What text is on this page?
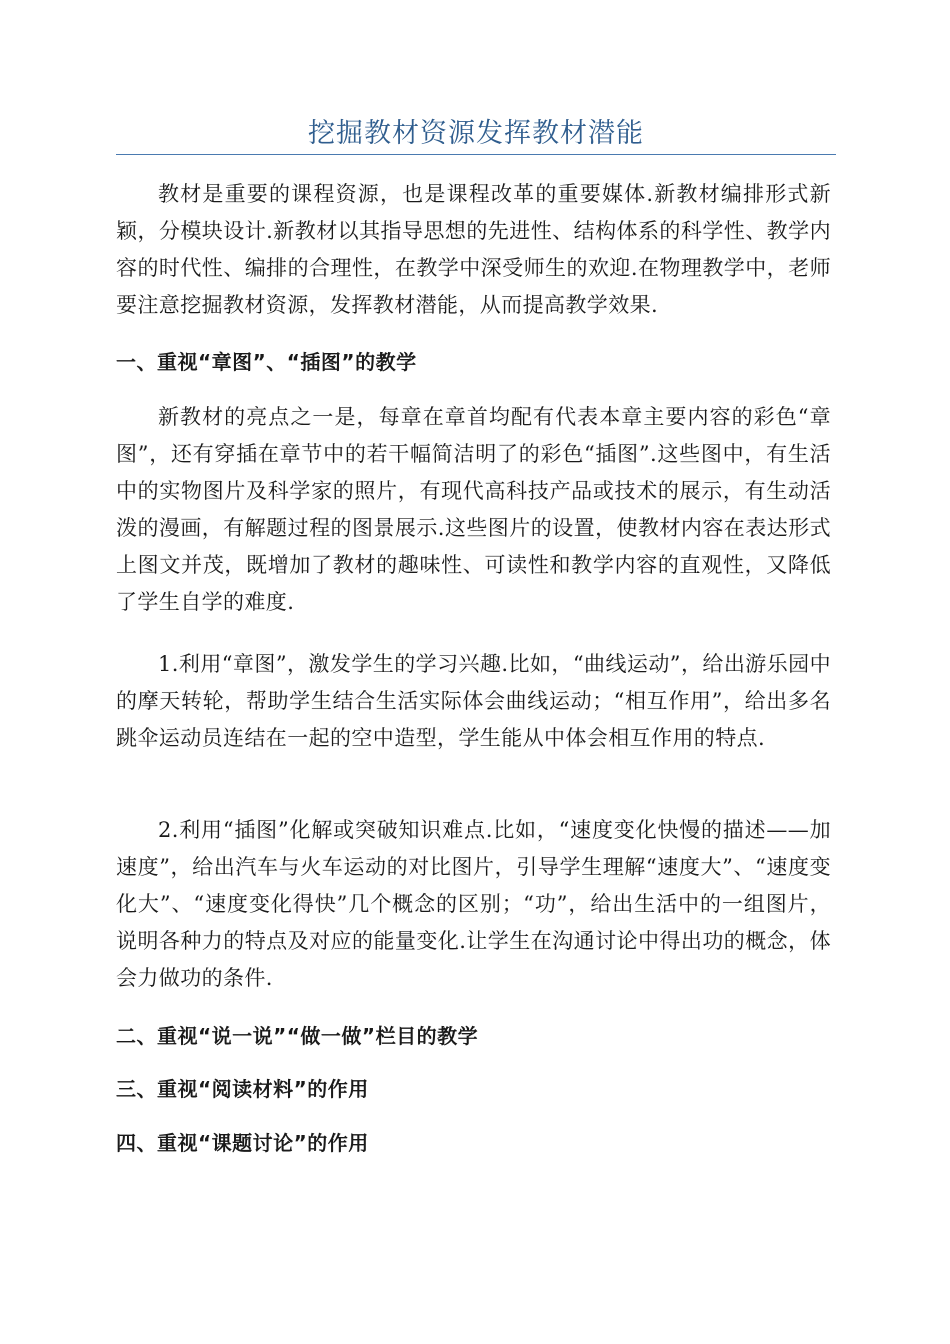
挖掘教材资源发挥教材潜能

教材是重要的课程资源，也是课程改革的重要媒体.新教材编排形式新颖，分模块设计.新教材以其指导思想的先进性、结构体系的科学性、教学内容的时代性、编排的合理性，在教学中深受师生的欢迎.在物理教学中，老师要注意挖掘教材资源，发挥教材潜能，从而提高教学效果.

一、重视“章图”、“插图”的教学

新教材的亮点之一是，每章在章首均配有代表本章主要内容的彩色“章图”，还有穿插在章节中的若干幅简洁明了的彩色“插图”.这些图中，有生活中的实物图片及科学家的照片，有现代高科技产品或技术的展示，有生动活泼的漫画，有解题过程的图景展示.这些图片的设置，使教材内容在表达形式上图文并茂，既增加了教材的趣味性、可读性和教学内容的直观性，又降低了学生自学的难度.

1.利用“章图”，激发学生的学习兴趣.比如，“曲线运动”，给出游乐园中的摩天转轮，帮助学生结合生活实际体会曲线运动；“相互作用”，给出多名跳伞运动员连结在一起的空中造型，学生能从中体会相互作用的特点.

2.利用“插图”化解或突破知识难点.比如，“速度变化快慢的描述——加速度”，给出汽车与火车运动的对比图片，引导学生理解“速度大”、“速度变化大”、“速度变化得快”几个概念的区别；“功”，给出生活中的一组图片，说明各种力的特点及对应的能量变化.让学生在沟通讨论中得出功的概念，体会力做功的条件.

二、重视“说一说”“做一做”栏目的教学
三、重视“阅读材料”的作用
四、重视“课题讨论”的作用
